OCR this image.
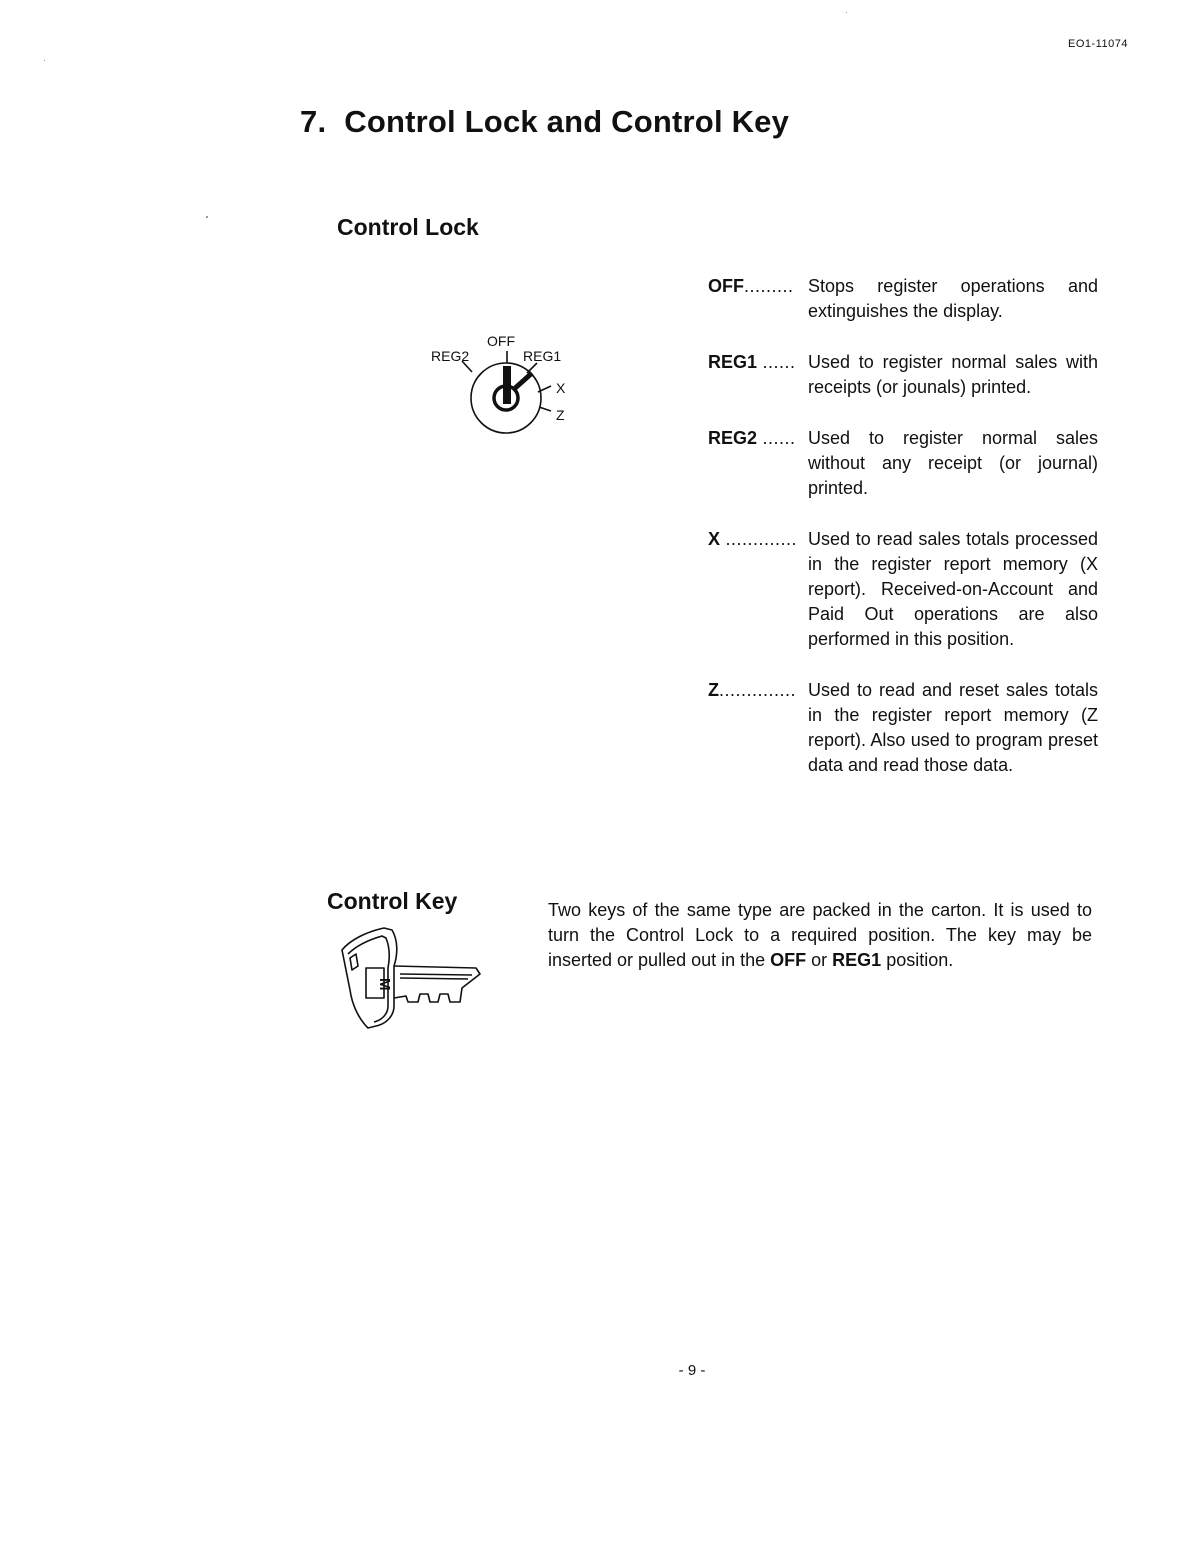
EO1-11074
7. Control Lock and Control Key
Control Lock
OFF
REG2	REG1
X
Z
OFF......... Stops register operations and extinguishes the display.
REG1 ...... Used to register normal sales with receipts (or jounals) printed.
REG2 ...... Used to register normal sales without any receipt (or journal) printed.
X ............. Used to read sales totals processed in the register report memory (X report). Received-on-Account and Paid Out operations are also performed in this position.
Z.............. Used to read and reset sales totals in the register report memory (Z report). Also used to program preset data and read those data.
Control Key
M

Two keys of the same type are packed in the carton. It is used to turn the Control Lock to a required position. The key may be inserted or pulled out in the OFF or REG1 position.

- 9 -
